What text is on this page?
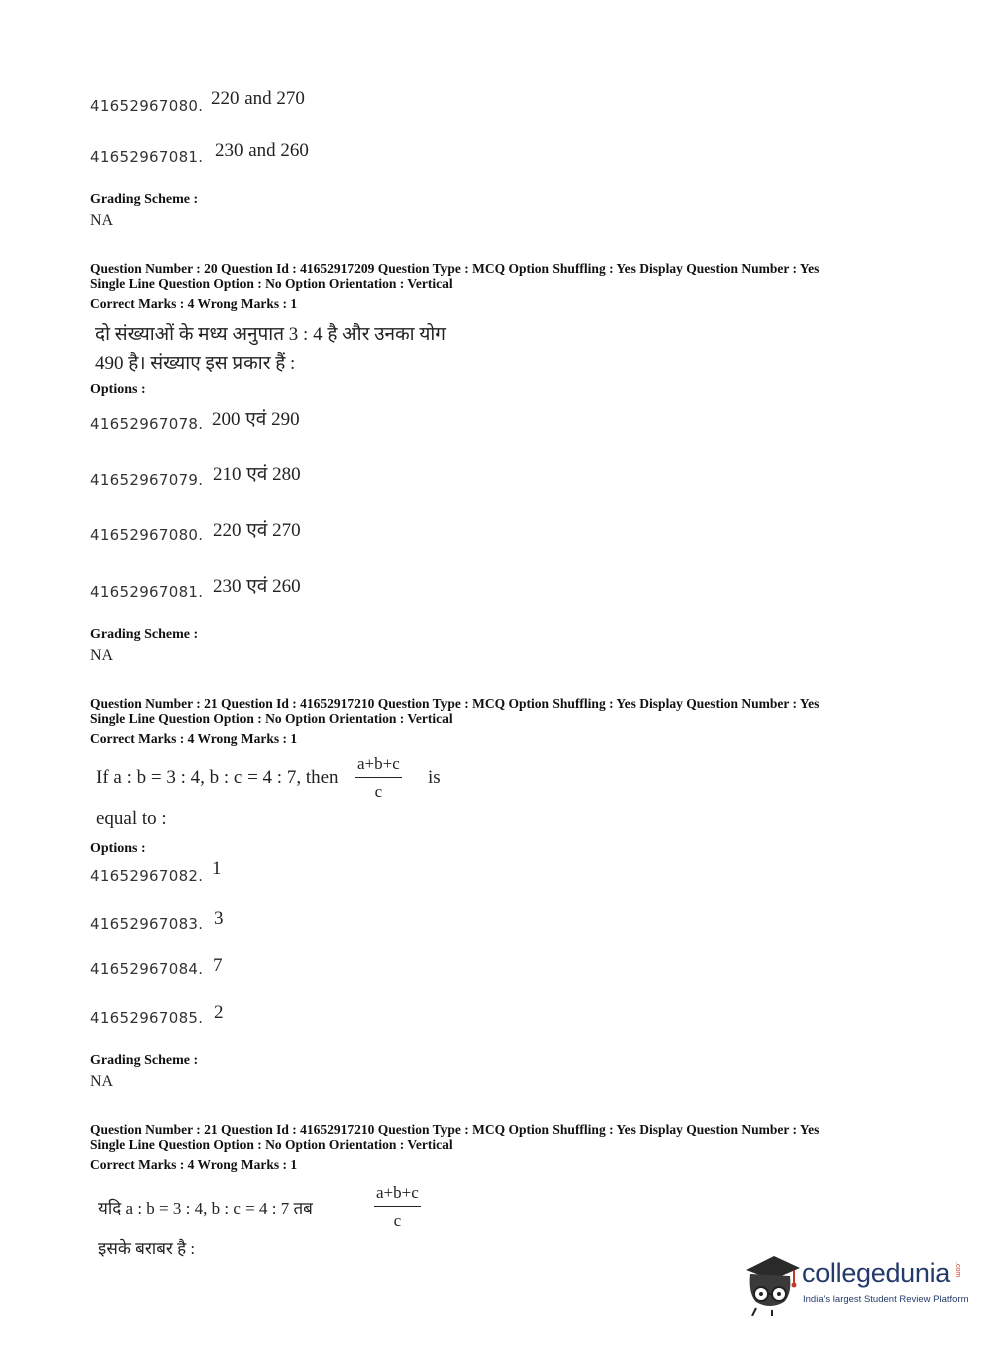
41652967080. 220 and 270
41652967081. 230 and 260
Grading Scheme :
NA
Question Number : 20 Question Id : 41652917209 Question Type : MCQ Option Shuffling : Yes Display Question Number : Yes
Single Line Question Option : No Option Orientation : Vertical
Correct Marks : 4 Wrong Marks : 1
दो संख्याओं के मध्य अनुपात 3 : 4 है और उनका योग
490 है। संख्याए इस प्रकार हैं :
Options :
41652967078. 200 एवं 290
41652967079. 210 एवं 280
41652967080. 220 एवं 270
41652967081. 230 एवं 260
Grading Scheme :
NA
Question Number : 21 Question Id : 41652917210 Question Type : MCQ Option Shuffling : Yes Display Question Number : Yes
Single Line Question Option : No Option Orientation : Vertical
Correct Marks : 4 Wrong Marks : 1
If a : b = 3 : 4, b : c = 4 : 7, then $\frac{a+b+c}{c}$ is
equal to :
Options :
41652967082. 1
41652967083. 3
41652967084. 7
41652967085. 2
Grading Scheme :
NA
Question Number : 21 Question Id : 41652917210 Question Type : MCQ Option Shuffling : Yes Display Question Number : Yes
Single Line Question Option : No Option Orientation : Vertical
Correct Marks : 4 Wrong Marks : 1
यदि a : b = 3 : 4, b : c = 4 : 7 तब	$\frac{a+b+c}{c}$
इसके बराबर है :
collegedunia .com
India's largest Student Review Platform
